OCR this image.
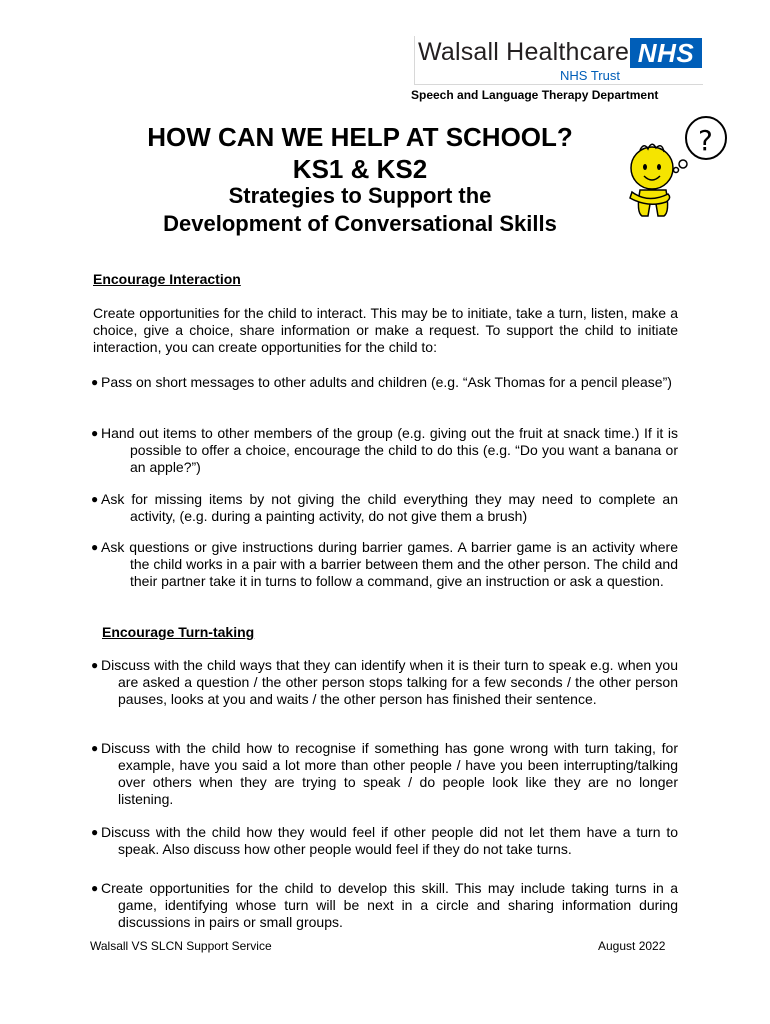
Walsall Healthcare NHS
NHS Trust
Speech and Language Therapy Department
HOW CAN WE HELP AT SCHOOL?
KS1 & KS2
Strategies to Support the
Development of Conversational Skills
?
Encourage Interaction
Create opportunities for the child to interact. This may be to initiate, take a turn, listen, make a choice, give a choice, share information or make a request. To support the child to initiate interaction, you can create opportunities for the child to:
● Pass on short messages to other adults and children (e.g. “Ask Thomas for a pencil please”)
● Hand out items to other members of the group (e.g. giving out the fruit at snack time.) If it is possible to offer a choice, encourage the child to do this (e.g. “Do you want a banana or an apple?”)
● Ask for missing items by not giving the child everything they may need to complete an activity, (e.g. during a painting activity, do not give them a brush)
● Ask questions or give instructions during barrier games. A barrier game is an activity where the child works in a pair with a barrier between them and the other person. The child and their partner take it in turns to follow a command, give an instruction or ask a question.
Encourage Turn-taking
● Discuss with the child ways that they can identify when it is their turn to speak e.g. when you are asked a question / the other person stops talking for a few seconds / the other person pauses, looks at you and waits / the other person has finished their sentence.
● Discuss with the child how to recognise if something has gone wrong with turn taking, for example, have you said a lot more than other people / have you been interrupting/talking over others when they are trying to speak / do people look like they are no longer listening.
● Discuss with the child how they would feel if other people did not let them have a turn to speak. Also discuss how other people would feel if they do not take turns.
● Create opportunities for the child to develop this skill. This may include taking turns in a game, identifying whose turn will be next in a circle and sharing information during discussions in pairs or small groups.
Walsall VS SLCN Support Service	August 2022
